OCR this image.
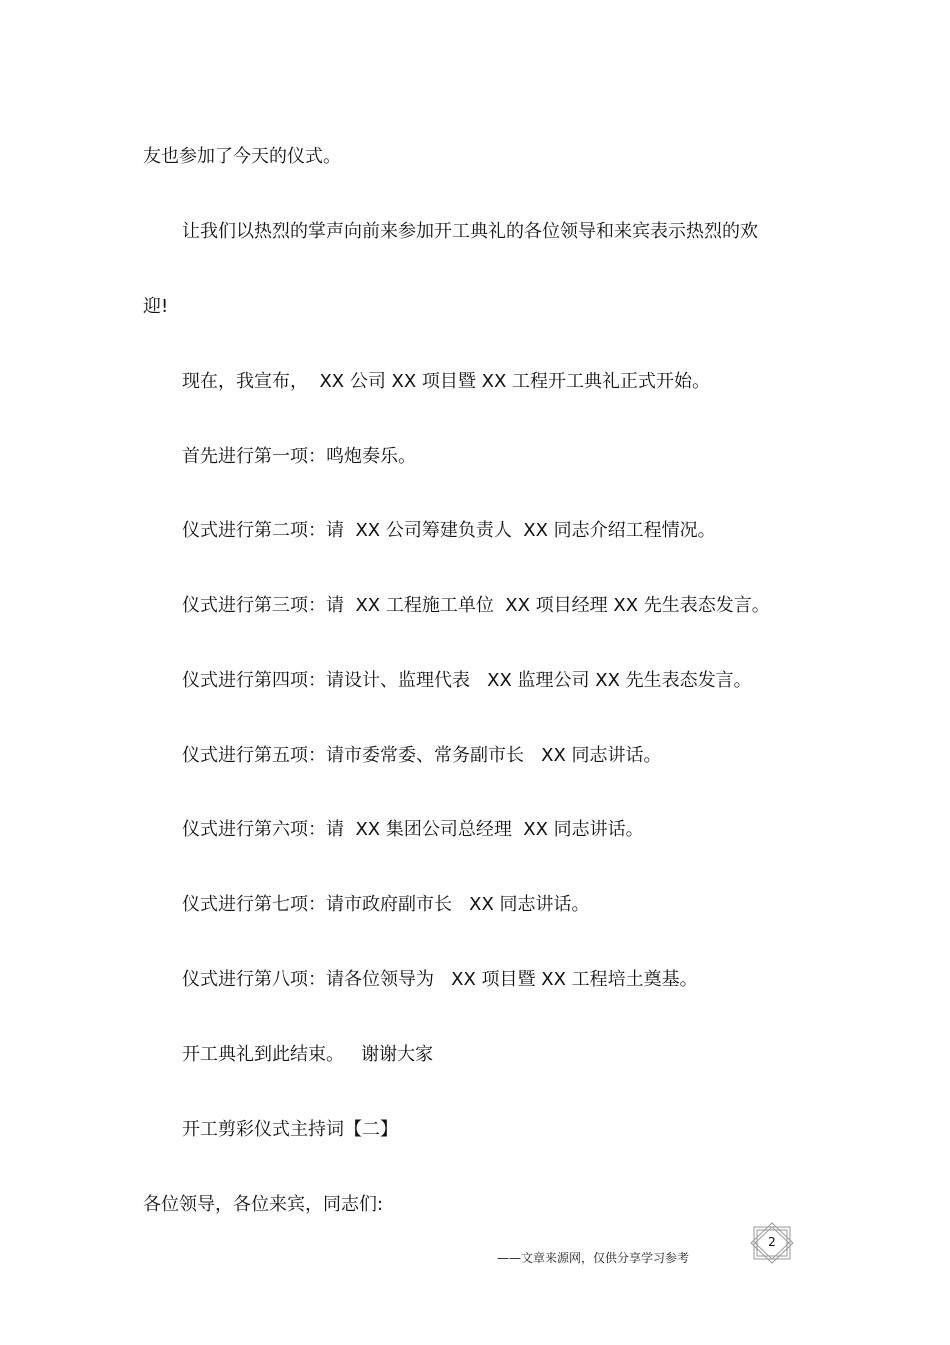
友也参加了今天的仪式。

让我们以热烈的掌声向前来参加开工典礼的各位领导和来宾表示热烈的欢

迎!

现在，我宣布，  XX 公司 XX 项目暨 XX 工程开工典礼正式开始。

首先进行第一项：鸣炮奏乐。

仪式进行第二项：请  XX 公司筹建负责人  XX 同志介绍工程情况。

仪式进行第三项：请  XX 工程施工单位  XX 项目经理 XX 先生表态发言。

仪式进行第四项：请设计、监理代表   XX 监理公司 XX 先生表态发言。

仪式进行第五项：请市委常委、常务副市长   XX 同志讲话。

仪式进行第六项：请  XX 集团公司总经理  XX 同志讲话。

仪式进行第七项：请市政府副市长   XX 同志讲话。

仪式进行第八项：请各位领导为   XX 项目暨 XX 工程培土奠基。

开工典礼到此结束。   谢谢大家

开工剪彩仪式主持词【二】

各位领导，各位来宾，同志们:

——文章来源网，仅供分享学习参考
2
